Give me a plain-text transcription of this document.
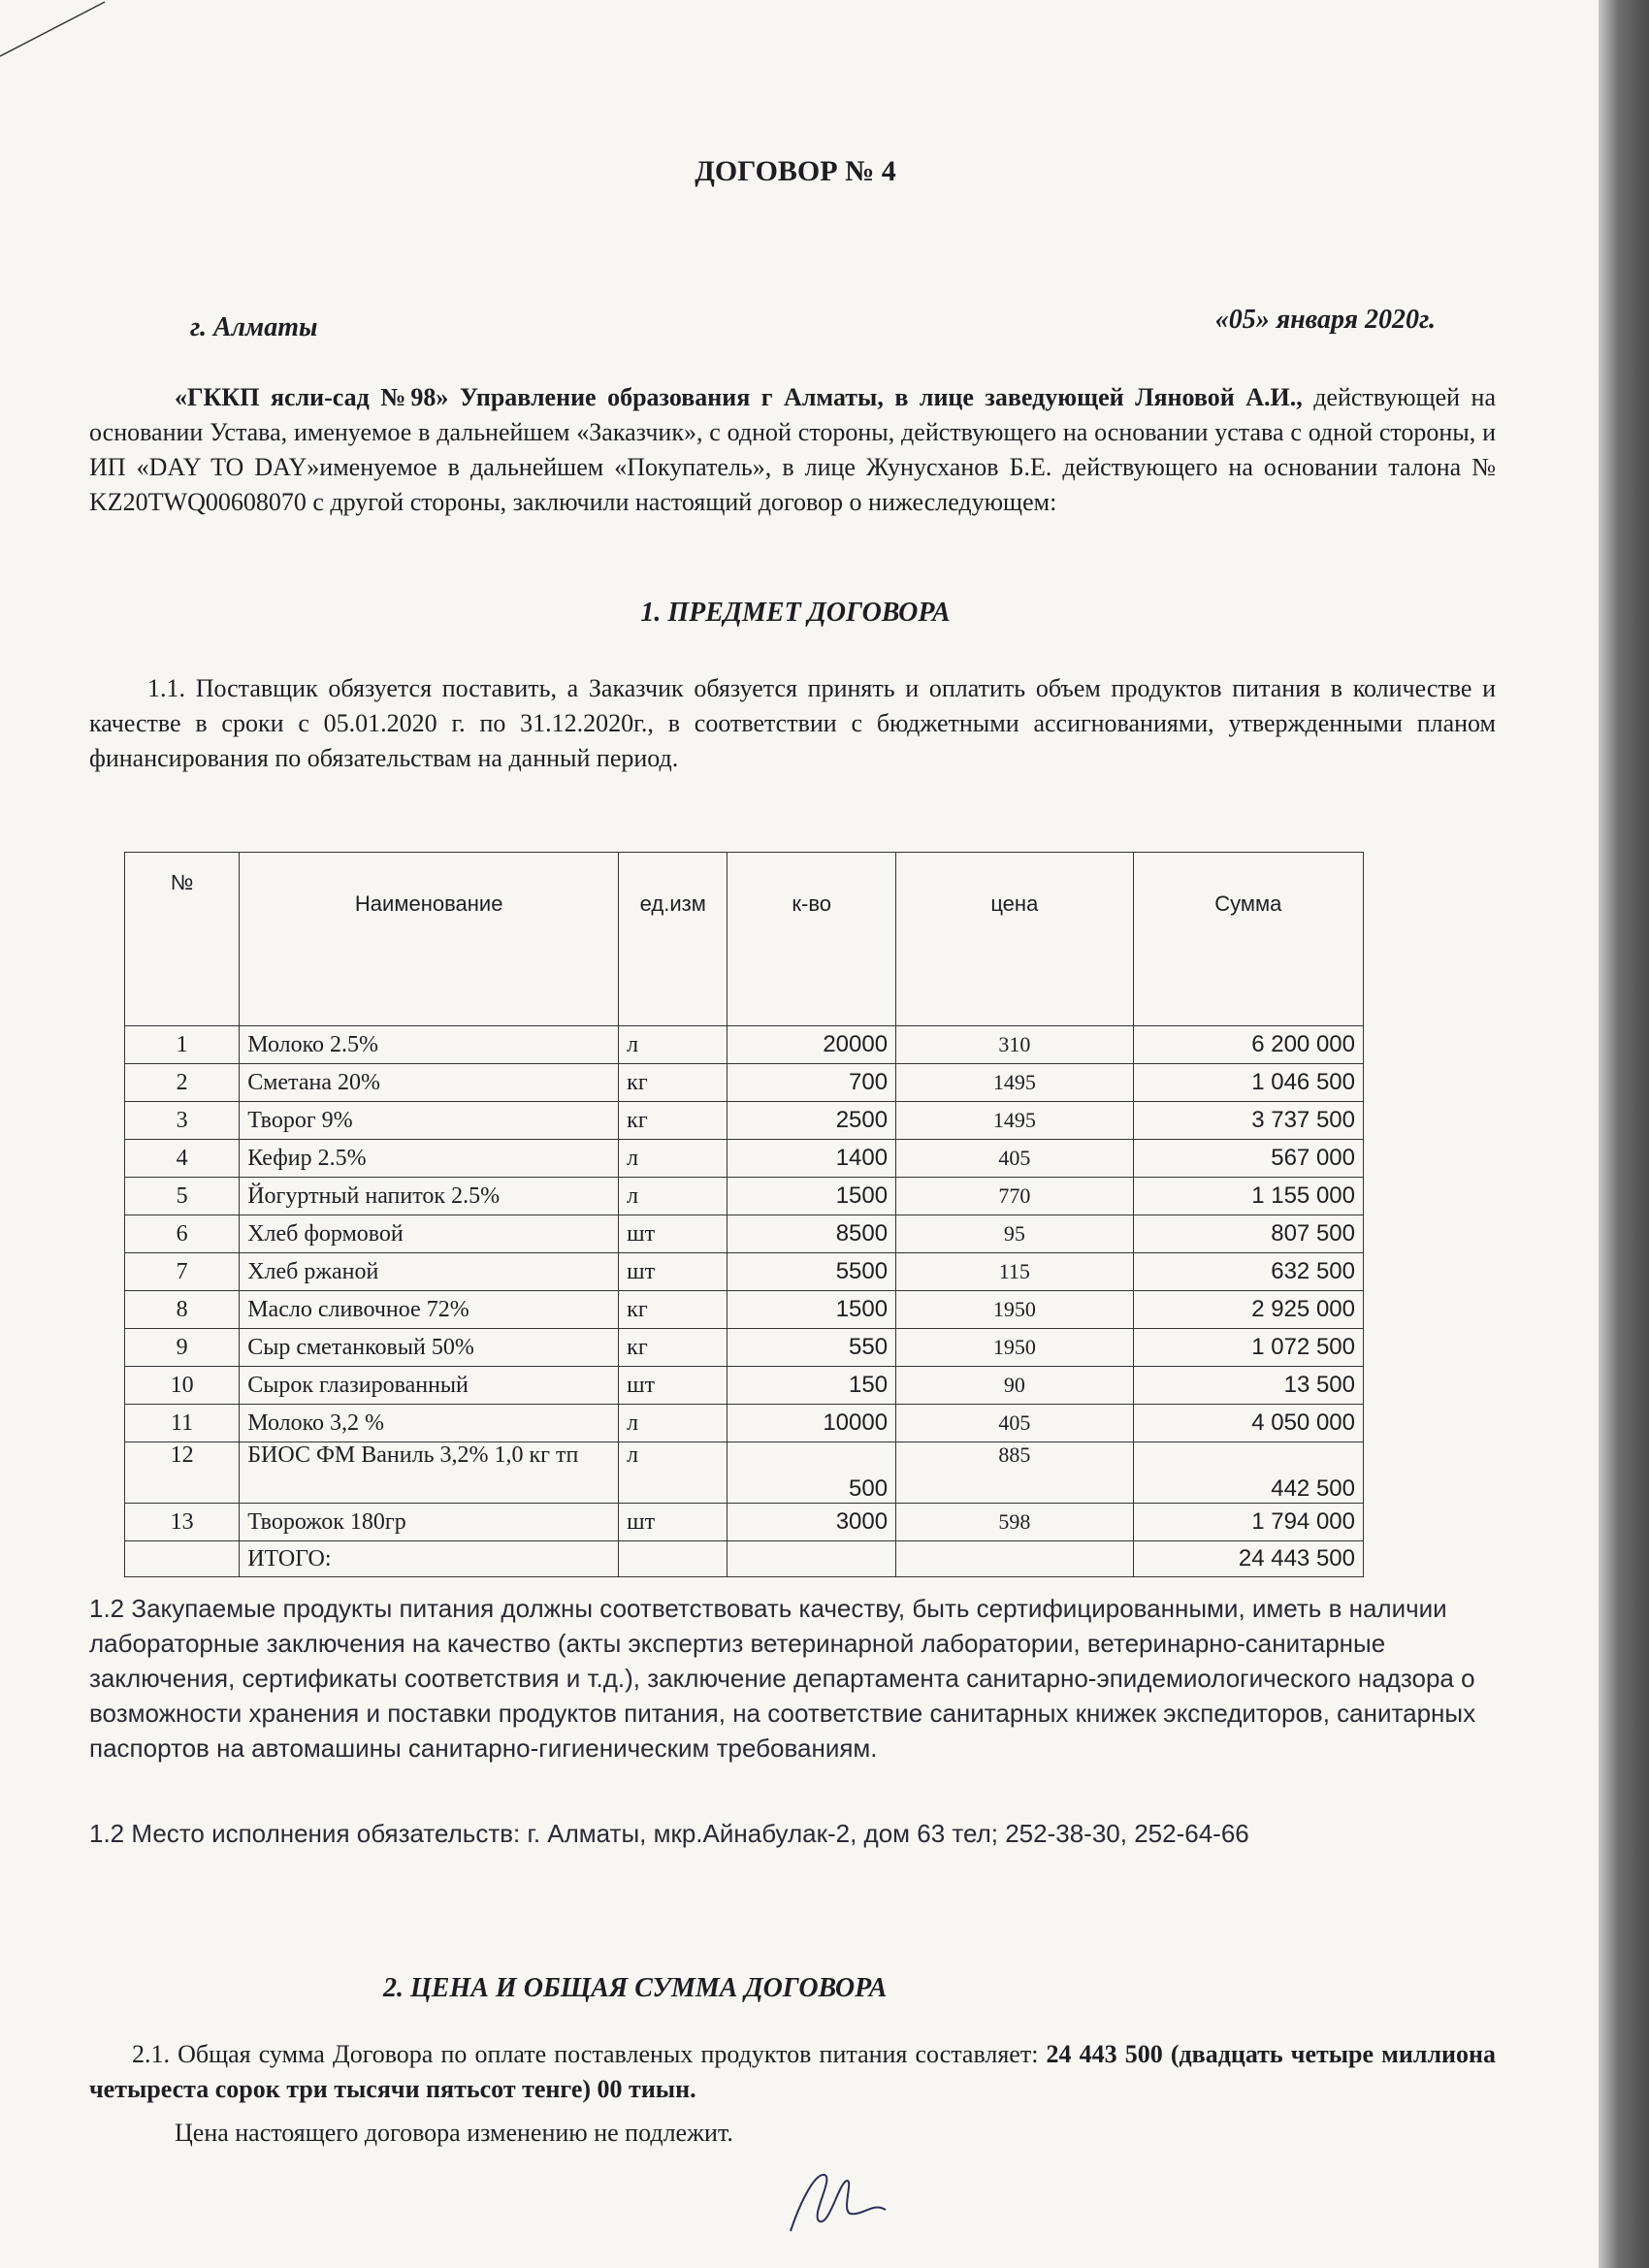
ДОГОВОР № 4
г. Алматы	«05» января 2020г.
«ГККП ясли-сад №98» Управление образования г Алматы, в лице заведующей Ляновой А.И., действующей на основании Устава, именуемое в дальнейшем «Заказчик», с одной стороны, действующего на основании устава с одной стороны, и ИП «DAY TO DAY»именуемое в дальнейшем «Покупатель», в лице Жунусханов Б.Е. действующего на основании талона № KZ20TWQ00608070 с другой стороны, заключили настоящий договор о нижеследующем:
1. ПРЕДМЕТ ДОГОВОРА
1.1. Поставщик обязуется поставить, а Заказчик обязуется принять и оплатить объем продуктов питания в количестве и качестве в сроки с 05.01.2020 г. по 31.12.2020г., в соответствии с бюджетными ассигнованиями, утвержденными планом финансирования по обязательствам на данный период.
№	Наименование	ед.изм	к-во	цена	Сумма
1	Молоко 2.5%	л	20000	310	6 200 000
2	Сметана 20%	кг	700	1495	1 046 500
3	Творог 9%	кг	2500	1495	3 737 500
4	Кефир 2.5%	л	1400	405	567 000
5	Йогуртный напиток 2.5%	л	1500	770	1 155 000
6	Хлеб формовой	шт	8500	95	807 500
7	Хлеб ржаной	шт	5500	115	632 500
8	Масло сливочное 72%	кг	1500	1950	2 925 000
9	Сыр сметанковый 50%	кг	550	1950	1 072 500
10	Сырок глазированный	шт	150	90	13 500
11	Молоко 3,2 %	л	10000	405	4 050 000
12	БИОС ФМ Ваниль 3,2% 1,0 кг тп	л	500	885	442 500
13	Творожок 180гр	шт	3000	598	1 794 000
	ИТОГО:				24 443 500
1.2 Закупаемые продукты питания должны соответствовать качеству, быть сертифицированными, иметь в наличии лабораторные заключения на качество (акты экспертиз ветеринарной лаборатории, ветеринарно-санитарные заключения, сертификаты соответствия и т.д.), заключение департамента санитарно-эпидемиологического надзора о возможности хранения и поставки продуктов питания, на соответствие санитарных книжек экспедиторов, санитарных паспортов на автомашины санитарно-гигиеническим требованиям.
1.2 Место исполнения обязательств: г. Алматы, мкр.Айнабулак-2, дом 63 тел; 252-38-30, 252-64-66
2. ЦЕНА И ОБЩАЯ СУММА ДОГОВОРА
2.1. Общая сумма Договора по оплате поставленых продуктов питания составляет: 24 443 500 (двадцать четыре миллиона четыреста сорок три тысячи пятьсот тенге) 00 тиын.
Цена настоящего договора изменению не подлежит.
